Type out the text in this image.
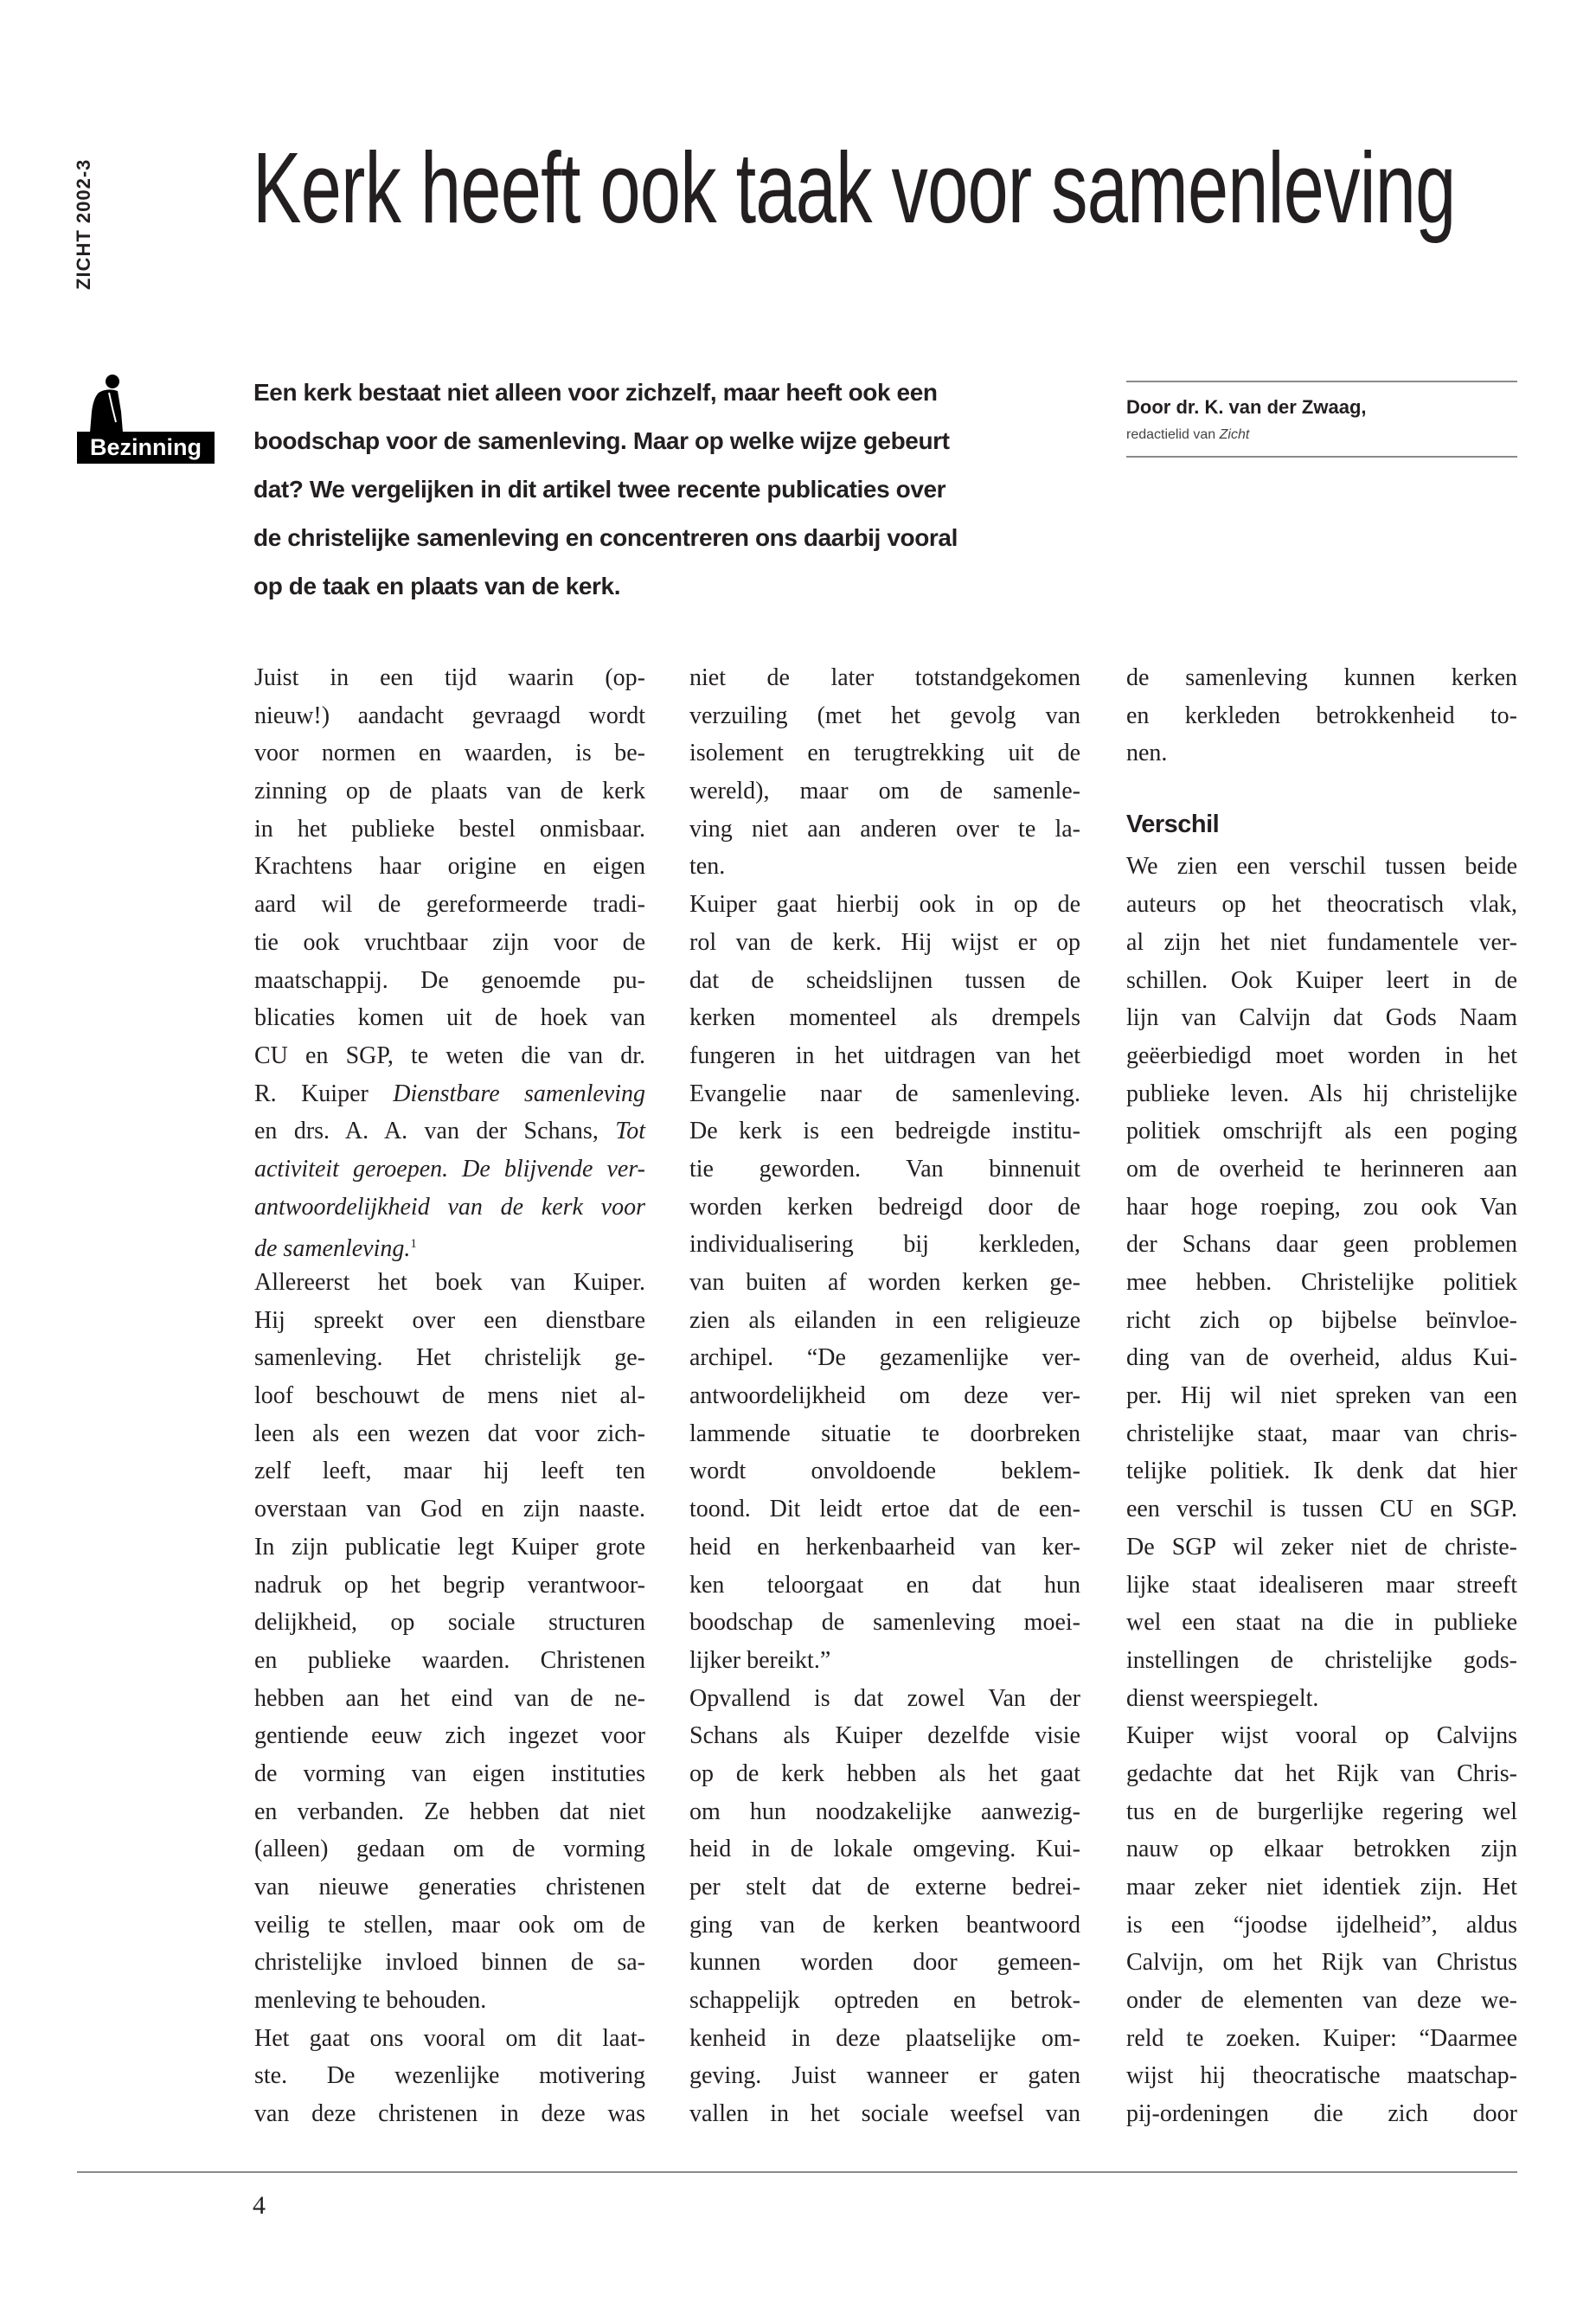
ZICHT 2002-3 Kerk heeft ook taak voor samenleving
Bezinning
Een kerk bestaat niet alleen voor zichzelf, maar heeft ook een
boodschap voor de samenleving. Maar op welke wijze gebeurt
dat? We vergelijken in dit artikel twee recente publicaties over
de christelijke samenleving en concentreren ons daarbij vooral
op de taak en plaats van de kerk.
Door dr. K. van der Zwaag,
redactielid van Zicht
Juist in een tijd waarin (op-
nieuw!) aandacht gevraagd wordt
voor normen en waarden, is be-
zinning op de plaats van de kerk
in het publieke bestel onmisbaar.
Krachtens haar origine en eigen
aard wil de gereformeerde tradi-
tie ook vruchtbaar zijn voor de
maatschappij. De genoemde pu-
blicaties komen uit de hoek van
CU en SGP, te weten die van dr.
R. Kuiper Dienstbare samenleving
en drs. A. A. van der Schans, Tot
activiteit geroepen. De blijvende ver-
antwoordelijkheid van de kerk voor
de samenleving.$^1$
Allereerst het boek van Kuiper.
Hij spreekt over een dienstbare
samenleving. Het christelijk ge-
loof beschouwt de mens niet al-
leen als een wezen dat voor zich-
zelf leeft, maar hij leeft ten
overstaan van God en zijn naaste.
In zijn publicatie legt Kuiper grote
nadruk op het begrip verantwoor-
delijkheid, op sociale structuren
en publieke waarden. Christenen
hebben aan het eind van de ne-
gentiende eeuw zich ingezet voor
de vorming van eigen instituties
en verbanden. Ze hebben dat niet
(alleen) gedaan om de vorming
van nieuwe generaties christenen
veilig te stellen, maar ook om de
christelijke invloed binnen de sa-
menleving te behouden.
Het gaat ons vooral om dit laat-
ste. De wezenlijke motivering
van deze christenen in deze was
niet de later totstandgekomen
verzuiling (met het gevolg van
isolement en terugtrekking uit de
wereld), maar om de samenle-
ving niet aan anderen over te la-
ten.
Kuiper gaat hierbij ook in op de
rol van de kerk. Hij wijst er op
dat de scheidslijnen tussen de
kerken momenteel als drempels
fungeren in het uitdragen van het
Evangelie naar de samenleving.
De kerk is een bedreigde institu-
tie geworden. Van binnenuit
worden kerken bedreigd door de
individualisering bij kerkleden,
van buiten af worden kerken ge-
zien als eilanden in een religieuze
archipel. “De gezamenlijke ver-
antwoordelijkheid om deze ver-
lammende situatie te doorbreken
wordt onvoldoende beklem-
toond. Dit leidt ertoe dat de een-
heid en herkenbaarheid van ker-
ken teloorgaat en dat hun
boodschap de samenleving moei-
lijker bereikt.”
Opvallend is dat zowel Van der
Schans als Kuiper dezelfde visie
op de kerk hebben als het gaat
om hun noodzakelijke aanwezig-
heid in de lokale omgeving. Kui-
per stelt dat de externe bedrei-
ging van de kerken beantwoord
kunnen worden door gemeen-
schappelijk optreden en betrok-
kenheid in deze plaatselijke om-
geving. Juist wanneer er gaten
vallen in het sociale weefsel van
de samenleving kunnen kerken
en kerkleden betrokkenheid to-
nen.

Verschil
We zien een verschil tussen beide
auteurs op het theocratisch vlak,
al zijn het niet fundamentele ver-
schillen. Ook Kuiper leert in de
lijn van Calvijn dat Gods Naam
geëerbiedigd moet worden in het
publieke leven. Als hij christelijke
politiek omschrijft als een poging
om de overheid te herinneren aan
haar hoge roeping, zou ook Van
der Schans daar geen problemen
mee hebben. Christelijke politiek
richt zich op bijbelse beïnvloe-
ding van de overheid, aldus Kui-
per. Hij wil niet spreken van een
christelijke staat, maar van chris-
telijke politiek. Ik denk dat hier
een verschil is tussen CU en SGP.
De SGP wil zeker niet de christe-
lijke staat idealiseren maar streeft
wel een staat na die in publieke
instellingen de christelijke gods-
dienst weerspiegelt.
Kuiper wijst vooral op Calvijns
gedachte dat het Rijk van Chris-
tus en de burgerlijke regering wel
nauw op elkaar betrokken zijn
maar zeker niet identiek zijn. Het
is een “joodse ijdelheid”, aldus
Calvijn, om het Rijk van Christus
onder de elementen van deze we-
reld te zoeken. Kuiper: “Daarmee
wijst hij theocratische maatschap-
pij-ordeningen die zich door
4
